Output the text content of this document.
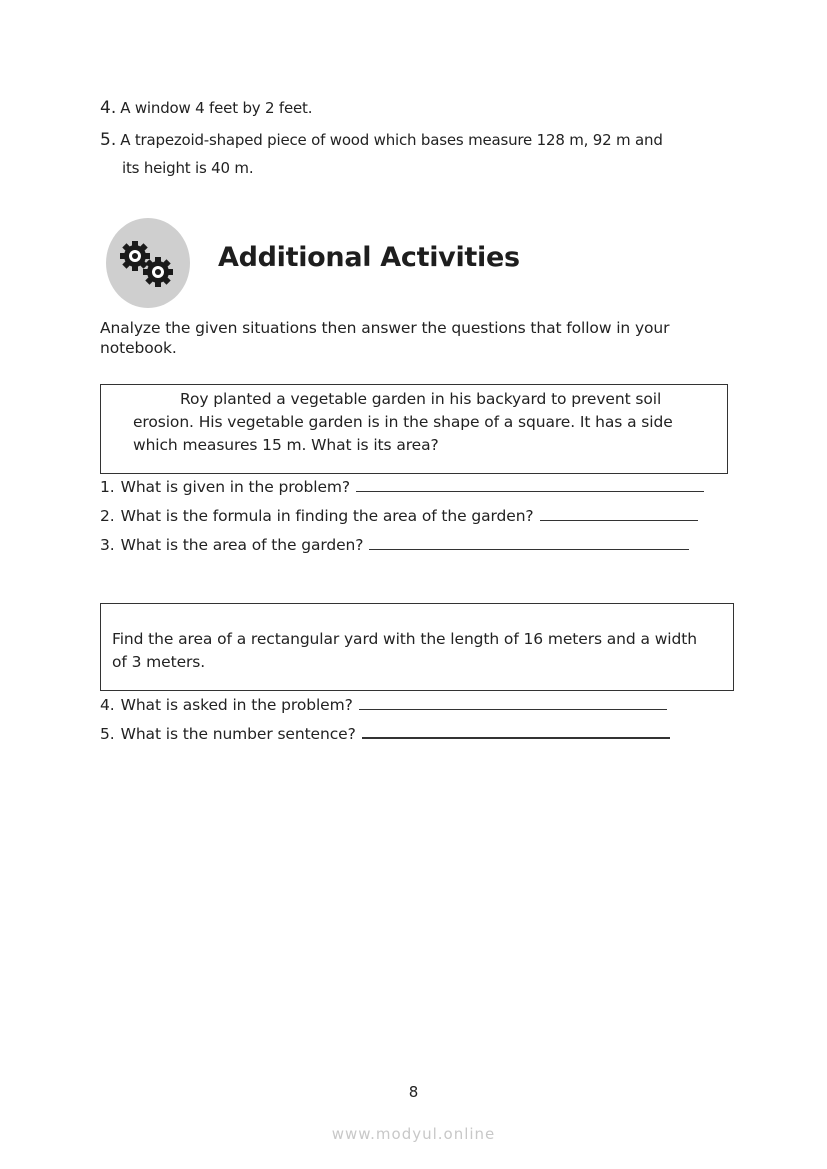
4. A window 4 feet by 2 feet.
5. A trapezoid-shaped piece of wood which bases measure 128 m, 92 m and
its height is 40 m.
Additional Activities
Analyze the given situations then answer the questions that follow in your notebook.
Roy planted a vegetable garden in his backyard to prevent soil
erosion. His vegetable garden is in the shape of a square. It has a side
which measures 15 m. What is its area?
1. What is given in the problem?
2. What is the formula in finding the area of the garden?
3. What is the area of the garden?
Find the area of a rectangular yard with the length of 16 meters and a width
of 3 meters.
4. What is asked in the problem?
5. What is the number sentence?
8
www.modyul.online
